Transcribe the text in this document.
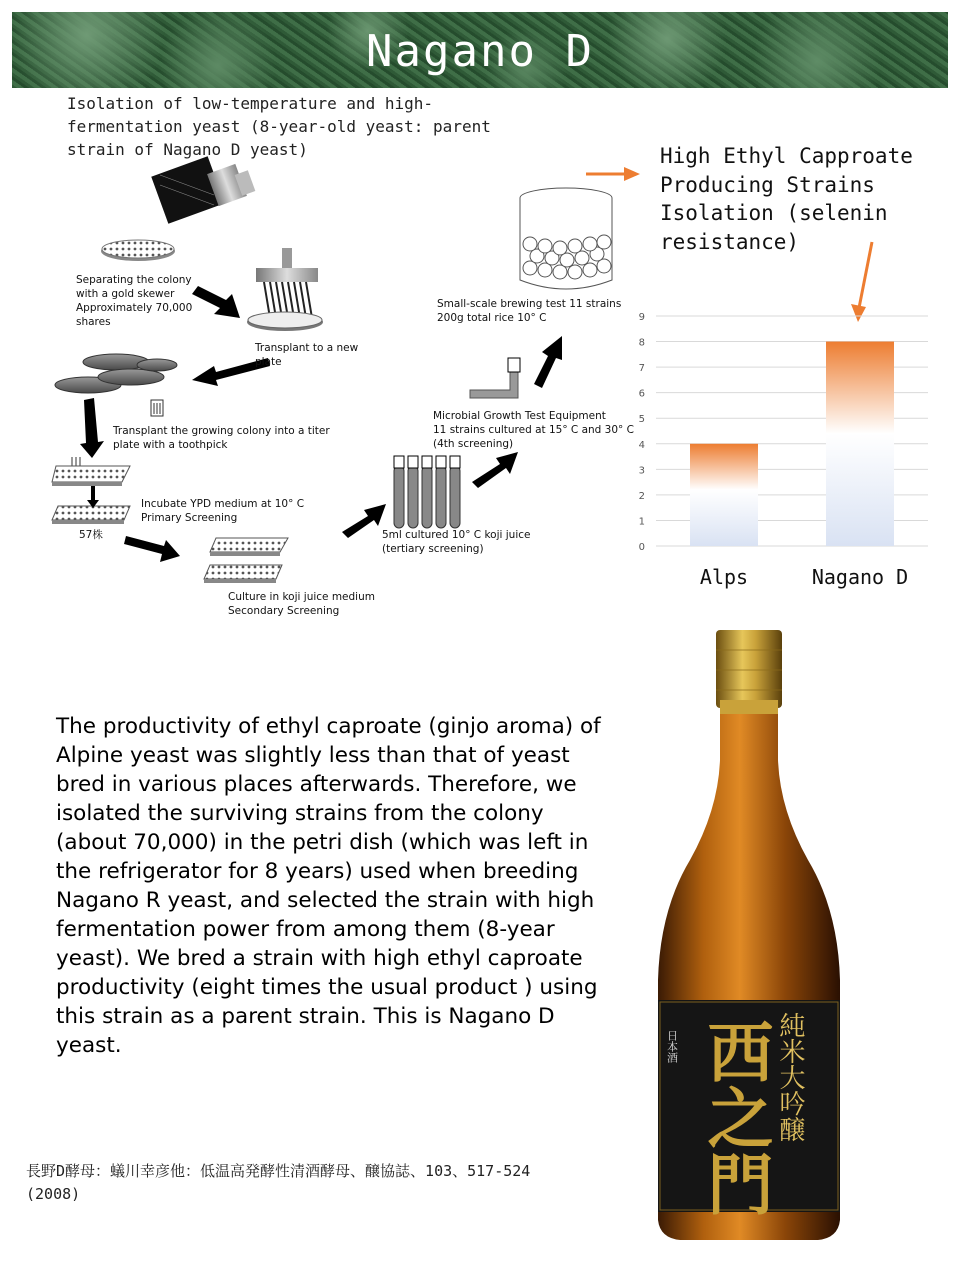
Nagano D
Isolation of low-temperature and high-fermentation yeast (8-year-old yeast: parent strain of Nagano D yeast)
Separating the colony
with a gold skewer
Approximately 70,000
shares
Transplant to a new
plate
Transplant the growing colony into a titer
plate with a toothpick
Incubate YPD medium at 10° C
Primary Screening
57株
Culture in koji juice medium
Secondary Screening
5ml cultured 10° C koji juice
(tertiary screening)
Microbial Growth Test Equipment
11 strains cultured at 15° C and 30° C
(4th screening)
Small-scale brewing test 11 strains
200g total rice 10° C
High Ethyl Capproate Producing Strains Isolation (selenin resistance)
0
1
2
3
4
5
6
7
8
9
Alps	Nagano D
The productivity of ethyl caproate (ginjo aroma) of Alpine yeast was slightly less than that of yeast bred in various places afterwards. Therefore, we isolated the surviving strains from the colony (about 70,000) in the petri dish (which was left in the refrigerator for 8 years) used when breeding Nagano R yeast, and selected the strain with high fermentation power from among them (8-year yeast). We bred a strain with high ethyl caproate productivity (eight times the usual product ) using this strain as a parent strain. This is Nagano D yeast.
長野D酵母：蟻川幸彦他：低温高発酵性清酒酵母、醸協誌、103、517-524 (2008)
日本酒 西之門 純米大吟醸
